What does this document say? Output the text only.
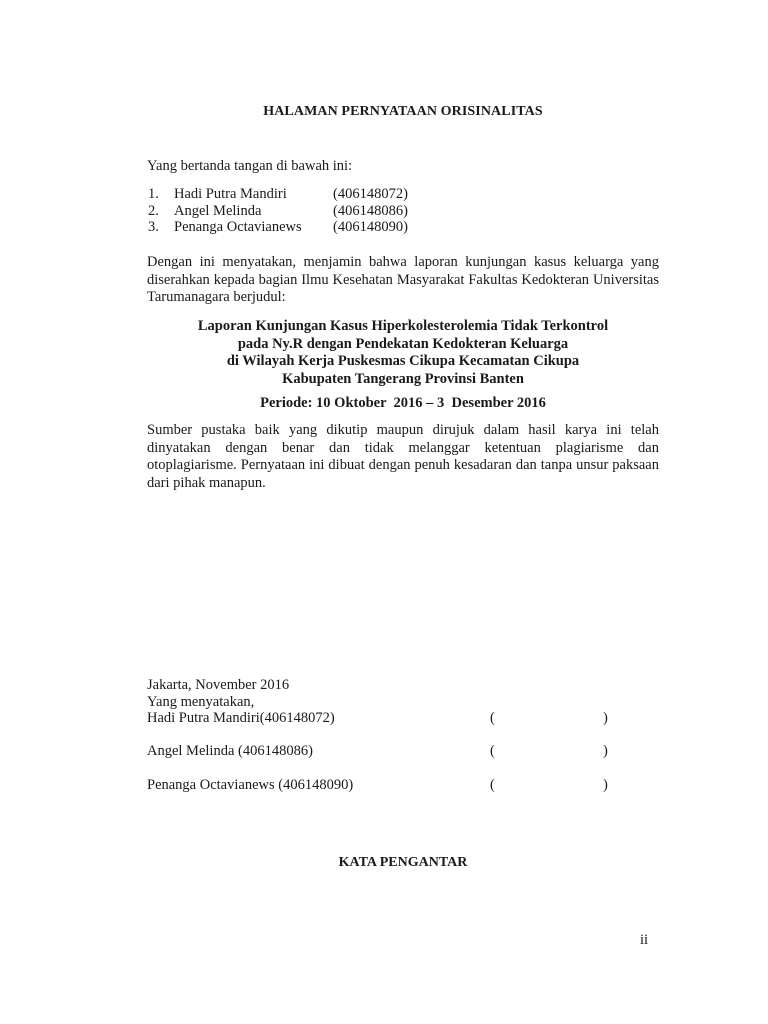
HALAMAN PERNYATAAN ORISINALITAS
Yang bertanda tangan di bawah ini:
1.	Hadi Putra Mandiri	(406148072)
2.	Angel Melinda	(406148086)
3.	Penanga Octavianews	(406148090)
Dengan ini menyatakan, menjamin bahwa laporan kunjungan kasus keluarga yang diserahkan kepada bagian Ilmu Kesehatan Masyarakat Fakultas Kedokteran Universitas Tarumanagara berjudul:
Laporan Kunjungan Kasus Hiperkolesterolemia Tidak Terkontrol
pada Ny.R dengan Pendekatan Kedokteran Keluarga
di Wilayah Kerja Puskesmas Cikupa Kecamatan Cikupa
Kabupaten Tangerang Provinsi Banten
Periode: 10 Oktober  2016 – 3  Desember 2016
Sumber pustaka baik yang dikutip maupun dirujuk dalam hasil karya ini telah dinyatakan dengan benar dan tidak melanggar ketentuan plagiarisme dan otoplagiarisme. Pernyataan ini dibuat dengan penuh kesadaran dan tanpa unsur paksaan dari pihak manapun.
Jakarta, November 2016
Yang menyatakan,
Hadi Putra Mandiri(406148072)	(	)
Angel Melinda (406148086)	(	)
Penanga Octavianews (406148090)	(	)
KATA PENGANTAR
ii
